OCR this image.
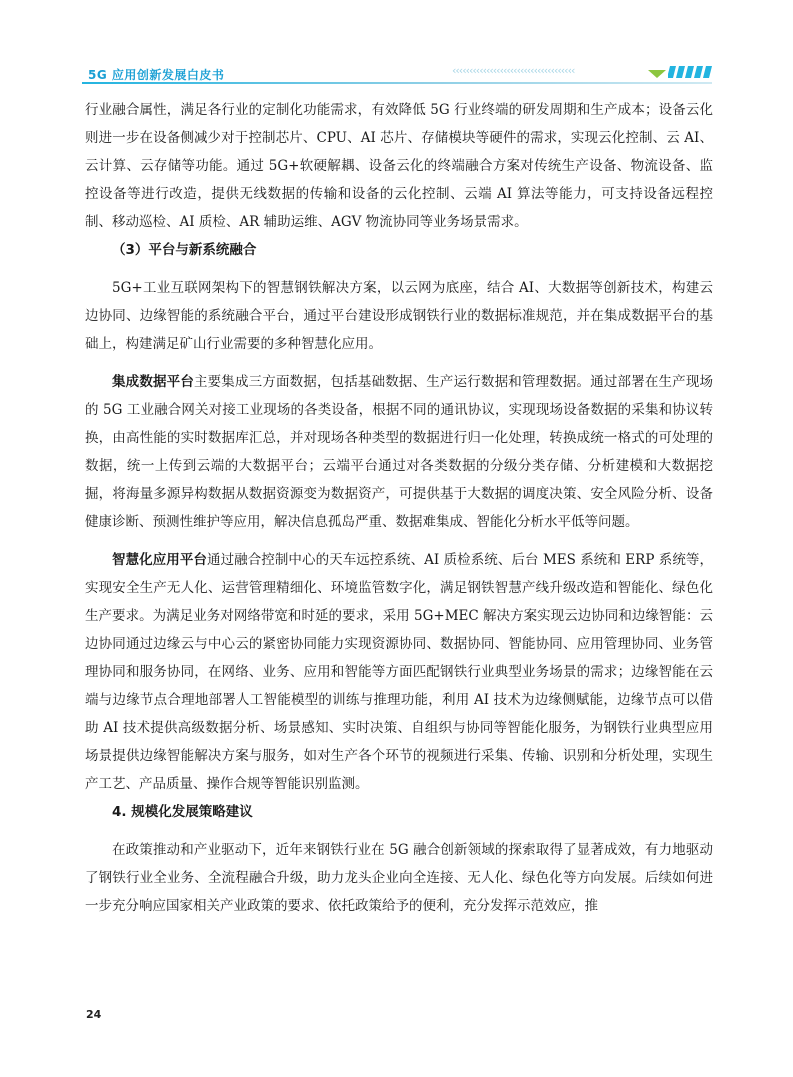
5G 应用创新发展白皮书	‹‹‹‹‹‹‹‹‹‹‹‹‹‹‹‹‹‹‹‹‹‹‹‹‹‹‹‹‹‹‹‹‹‹‹‹

行业融合属性，满足各行业的定制化功能需求，有效降低 5G 行业终端的研发周期和生产成本；设备云化则进一步在设备侧减少对于控制芯片、CPU、AI 芯片、存储模块等硬件的需求，实现云化控制、云 AI、云计算、云存储等功能。通过 5G+软硬解耦、设备云化的终端融合方案对传统生产设备、物流设备、监控设备等进行改造，提供无线数据的传输和设备的云化控制、云端 AI 算法等能力，可支持设备远程控制、移动巡检、AI 质检、AR 辅助运维、AGV 物流协同等业务场景需求。

（3）平台与新系统融合

5G+工业互联网架构下的智慧钢铁解决方案，以云网为底座，结合 AI、大数据等创新技术，构建云边协同、边缘智能的系统融合平台，通过平台建设形成钢铁行业的数据标准规范，并在集成数据平台的基础上，构建满足矿山行业需要的多种智慧化应用。

集成数据平台主要集成三方面数据，包括基础数据、生产运行数据和管理数据。通过部署在生产现场的 5G 工业融合网关对接工业现场的各类设备，根据不同的通讯协议，实现现场设备数据的采集和协议转换，由高性能的实时数据库汇总，并对现场各种类型的数据进行归一化处理，转换成统一格式的可处理的数据，统一上传到云端的大数据平台；云端平台通过对各类数据的分级分类存储、分析建模和大数据挖掘，将海量多源异构数据从数据资源变为数据资产，可提供基于大数据的调度决策、安全风险分析、设备健康诊断、预测性维护等应用，解决信息孤岛严重、数据难集成、智能化分析水平低等问题。

智慧化应用平台通过融合控制中心的天车远控系统、AI 质检系统、后台 MES 系统和 ERP 系统等，实现安全生产无人化、运营管理精细化、环境监管数字化，满足钢铁智慧产线升级改造和智能化、绿色化生产要求。为满足业务对网络带宽和时延的要求，采用 5G+MEC 解决方案实现云边协同和边缘智能：云边协同通过边缘云与中心云的紧密协同能力实现资源协同、数据协同、智能协同、应用管理协同、业务管理协同和服务协同，在网络、业务、应用和智能等方面匹配钢铁行业典型业务场景的需求；边缘智能在云端与边缘节点合理地部署人工智能模型的训练与推理功能，利用 AI 技术为边缘侧赋能，边缘节点可以借助 AI 技术提供高级数据分析、场景感知、实时决策、自组织与协同等智能化服务，为钢铁行业典型应用场景提供边缘智能解决方案与服务，如对生产各个环节的视频进行采集、传输、识别和分析处理，实现生产工艺、产品质量、操作合规等智能识别监测。

4. 规模化发展策略建议

在政策推动和产业驱动下，近年来钢铁行业在 5G 融合创新领域的探索取得了显著成效，有力地驱动了钢铁行业全业务、全流程融合升级，助力龙头企业向全连接、无人化、绿色化等方向发展。后续如何进一步充分响应国家相关产业政策的要求、依托政策给予的便利，充分发挥示范效应，推

24
